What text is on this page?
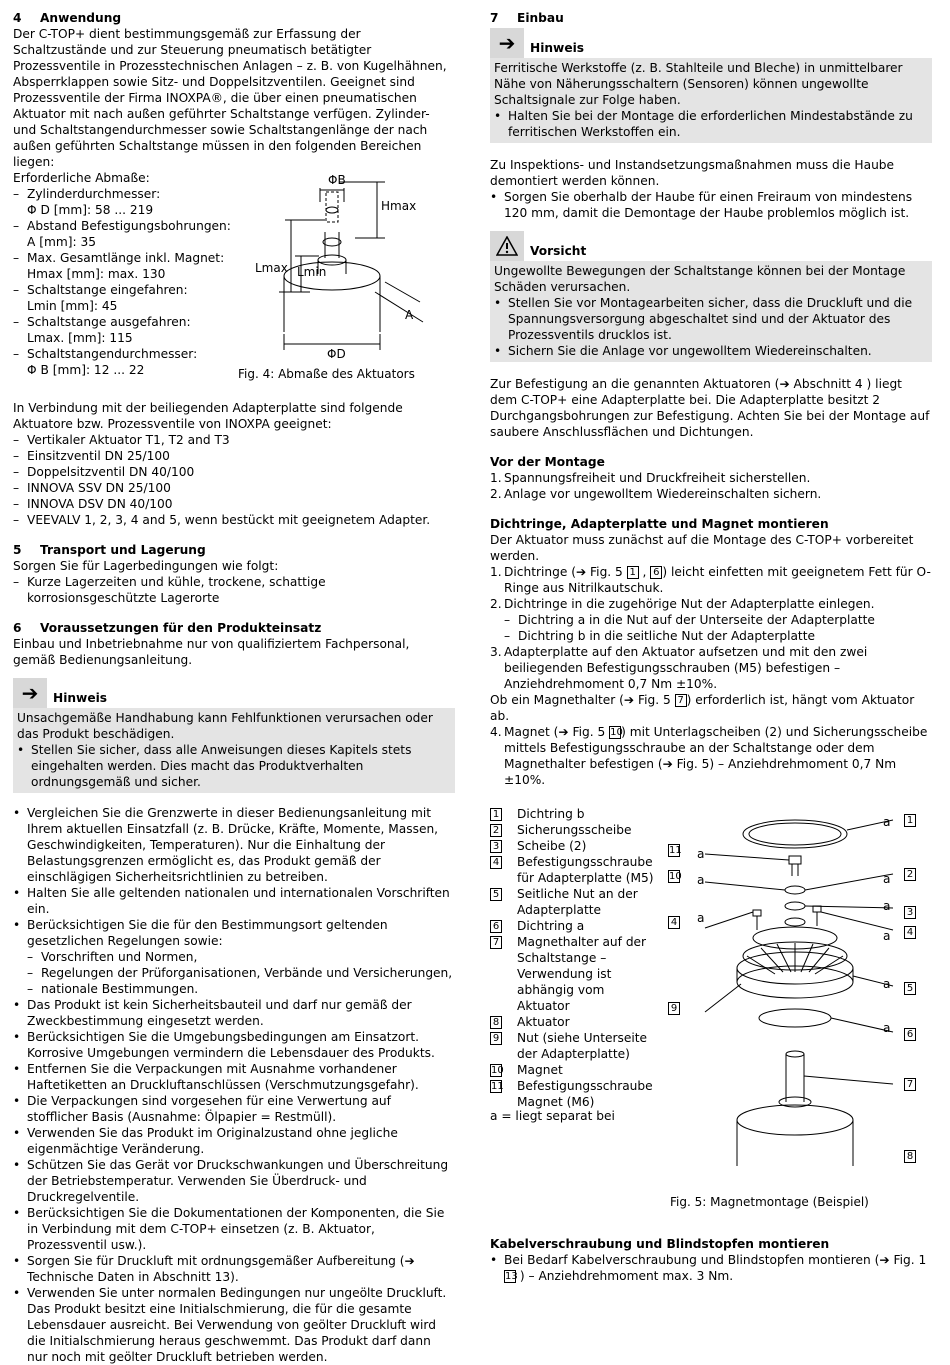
4 Anwendung

Der C-TOP+ dient bestimmungsgemäß zur Erfassung der Schaltzustände und zur Steuerung pneumatisch betätigter Prozessventile in Prozesstechnischen Anlagen – z. B. von Kugelhähnen, Absperrklappen sowie Sitz- und Doppelsitzventilen. Geeignet sind Prozessventile der Firma INOXPA®, die über einen pneumatischen Aktuator mit nach außen geführter Schaltstange verfügen. Zylinder- und Schaltstangendurchmesser sowie Schaltstangenlänge der nach außen geführten Schaltstange müssen in den folgenden Bereichen liegen:

Erforderliche Abmaße:

– Zylinderdurchmesser:
Φ D [mm]: 58 ... 219
– Abstand Befestigungsbohrungen:
A [mm]: 35
– Max. Gesamtlänge inkl. Magnet:
Hmax [mm]: max. 130
– Schaltstange eingefahren:
Lmin [mm]: 45
– Schaltstange ausgefahren:
Lmax. [mm]: 115
– Schaltstangendurchmesser:
Φ B [mm]: 12 ... 22
ΦB
Hmax
Lmax Lmin
A
ΦD
Fig. 4: Abmaße des Aktuators

In Verbindung mit der beiliegenden Adapterplatte sind folgende Aktuatore bzw. Prozessventile von INOXPA geeignet:

– Vertikaler Aktuator T1, T2 and T3
– Einsitzventil DN 25/100
– Doppelsitzventil DN 40/100
– INNOVA SSV DN 25/100
– INNOVA DSV DN 40/100
– VEEVALV 1, 2, 3, 4 and 5, wenn bestückt mit geeignetem Adapter.

5 Transport und Lagerung

Sorgen Sie für Lagerbedingungen wie folgt:

– Kurze Lagerzeiten und kühle, trockene, schattige korrosionsgeschützte Lagerorte

6 Voraussetzungen für den Produkteinsatz

Einbau und Inbetriebnahme nur von qualifiziertem Fachpersonal, gemäß Bedienungsanleitung.

➔	Hinweis

Unsachgemäße Handhabung kann Fehlfunktionen verursachen oder das Produkt beschädigen.

• Stellen Sie sicher, dass alle Anweisungen dieses Kapitels stets eingehalten werden. Dies macht das Produktverhalten ordnungsgemäß und sicher.
• Vergleichen Sie die Grenzwerte in dieser Bedienungsanleitung mit Ihrem aktuellen Einsatzfall (z. B. Drücke, Kräfte, Momente, Massen, Geschwindigkeiten, Temperaturen). Nur die Einhaltung der Belastungsgrenzen ermöglicht es, das Produkt gemäß der einschlägigen Sicherheitsrichtlinien zu betreiben.
• Halten Sie alle geltenden nationalen und internationalen Vorschriften ein.
• Berücksichtigen Sie die für den Bestimmungsort geltenden gesetzlichen Regelungen sowie:
– Vorschriften und Normen,
– Regelungen der Prüforganisationen, Verbände und Versicherungen,
– nationale Bestimmungen.
• Das Produkt ist kein Sicherheitsbauteil und darf nur gemäß der Zweckbestimmung eingesetzt werden.
• Berücksichtigen Sie die Umgebungsbedingungen am Einsatzort. Korrosive Umgebungen vermindern die Lebensdauer des Produkts.
• Entfernen Sie die Verpackungen mit Ausnahme vorhandener Haftetiketten an Druckluftanschlüssen (Verschmutzungsgefahr).
• Die Verpackungen sind vorgesehen für eine Verwertung auf stofflicher Basis (Ausnahme: Ölpapier = Restmüll).
• Verwenden Sie das Produkt im Originalzustand ohne jegliche eigenmächtige Veränderung.
• Schützen Sie das Gerät vor Druckschwankungen und Überschreitung der Betriebstemperatur. Verwenden Sie Überdruck- und Druckregelventile.
• Berücksichtigen Sie die Dokumentationen der Komponenten, die Sie in Verbindung mit dem C-TOP+ einsetzen (z. B. Aktuator, Prozessventil usw.).
• Sorgen Sie für Druckluft mit ordnungsgemäßer Aufbereitung (➔ Technische Daten in Abschnitt 13).
• Verwenden Sie unter normalen Bedingungen nur ungeölte Druckluft.
Das Produkt besitzt eine Initialschmierung, die für die gesamte Lebensdauer ausreicht. Bei Verwendung von geölter Druckluft wird die Initialschmierung heraus geschwemmt. Das Produkt darf dann nur noch mit geölter Druckluft betrieben werden.

7 Einbau

➔	Hinweis

Ferritische Werkstoffe (z. B. Stahlteile und Bleche) in unmittelbarer Nähe von Näherungsschaltern (Sensoren) können ungewollte Schaltsignale zur Folge haben.

• Halten Sie bei der Montage die erforderlichen Mindestabstände zu ferritischen Werkstoffen ein.

Zu Inspektions- und Instandsetzungsmaßnahmen muss die Haube demontiert werden können.

• Sorgen Sie oberhalb der Haube für einen Freiraum von mindestens 120 mm, damit die Demontage der Haube problemlos möglich ist.
Vorsicht

Ungewollte Bewegungen der Schaltstange können bei der Montage Schäden verursachen.

• Stellen Sie vor Montagearbeiten sicher, dass die Druckluft und die Spannungsversorgung abgeschaltet sind und der Aktuator des Prozessventils drucklos ist.
• Sichern Sie die Anlage vor ungewolltem Wiedereinschalten.

Zur Befestigung an die genannten Aktuatoren (➔ Abschnitt 4 ) liegt dem C-TOP+ eine Adapterplatte bei. Die Adapterplatte besitzt 2 Durchgangsbohrungen zur Befestigung. Achten Sie bei der Montage auf saubere Anschlussflächen und Dichtungen.

Vor der Montage

1. Spannungsfreiheit und Druckfreiheit sicherstellen.
2. Anlage vor ungewolltem Wiedereinschalten sichern.

Dichtringe, Adapterplatte und Magnet montieren

Der Aktuator muss zunächst auf die Montage des C-TOP+ vorbereitet werden.

1. Dichtringe (➔ Fig. 5 1 , 6 ) leicht einfetten mit geeignetem Fett für O-Ringe aus Nitrilkautschuk.
2. Dichtringe in die zugehörige Nut der Adapterplatte einlegen.
– Dichtring a in die Nut auf der Unterseite der Adapterplatte
– Dichtring b in die seitliche Nut der Adapterplatte
3. Adapterplatte auf den Aktuator aufsetzen und mit den zwei beiliegenden Befestigungsschrauben (M5) befestigen – Anziehdrehmoment 0,7 Nm ±10%.

Ob ein Magnethalter (➔ Fig. 5 7 ) erforderlich ist, hängt vom Aktuator ab.

4. Magnet (➔ Fig. 5 10) mit Unterlagscheiben (2) und Sicherungsscheibe mittels Befestigungsschraube an der Schaltstange oder dem Magnethalter befestigen (➔ Fig. 5) – Anziehdrehmoment 0,7 Nm ±10%.
1	Dichtring b
2	Sicherungsscheibe
3	Scheibe (2)
4	Befestigungsschraube für Adapterplatte (M5)
5	Seitliche Nut an der Adapterplatte
6	Dichtring a
7	Magnethalter auf der Schaltstange – Verwendung ist abhängig vom Aktuator
8	Aktuator
9	Nut (siehe Unterseite der Adapterplatte)
10	Magnet
11	Befestigungsschraube Magnet (M6)
a = liegt separat bei
a 1
a 2
a 3
a 4
a 5
a 6
7
8
11 a
10 a
4 a
9
Fig. 5: Magnetmontage (Beispiel)

Kabelverschraubung und Blindstopfen montieren

• Bei Bedarf Kabelverschraubung und Blindstopfen montieren (➔ Fig. 1 13 ) – Anziehdrehmoment max. 3 Nm.
